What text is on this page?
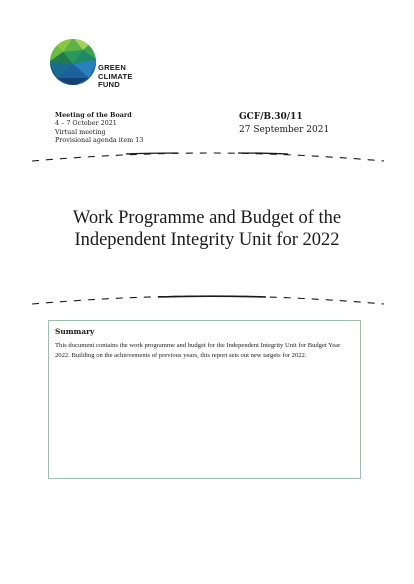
GREEN
CLIMATE
FUND
Meeting of the Board
4 – 7 October 2021
Virtual meeting
Provisional agenda item 13
GCF/B.30/11
27 September 2021
Work Programme and Budget of the
Independent Integrity Unit for 2022
Summary
This document contains the work programme and budget for the Independent Integrity Unit for Budget Year 2022. Building on the achievements of previous years, this report sets out new targets for 2022.
